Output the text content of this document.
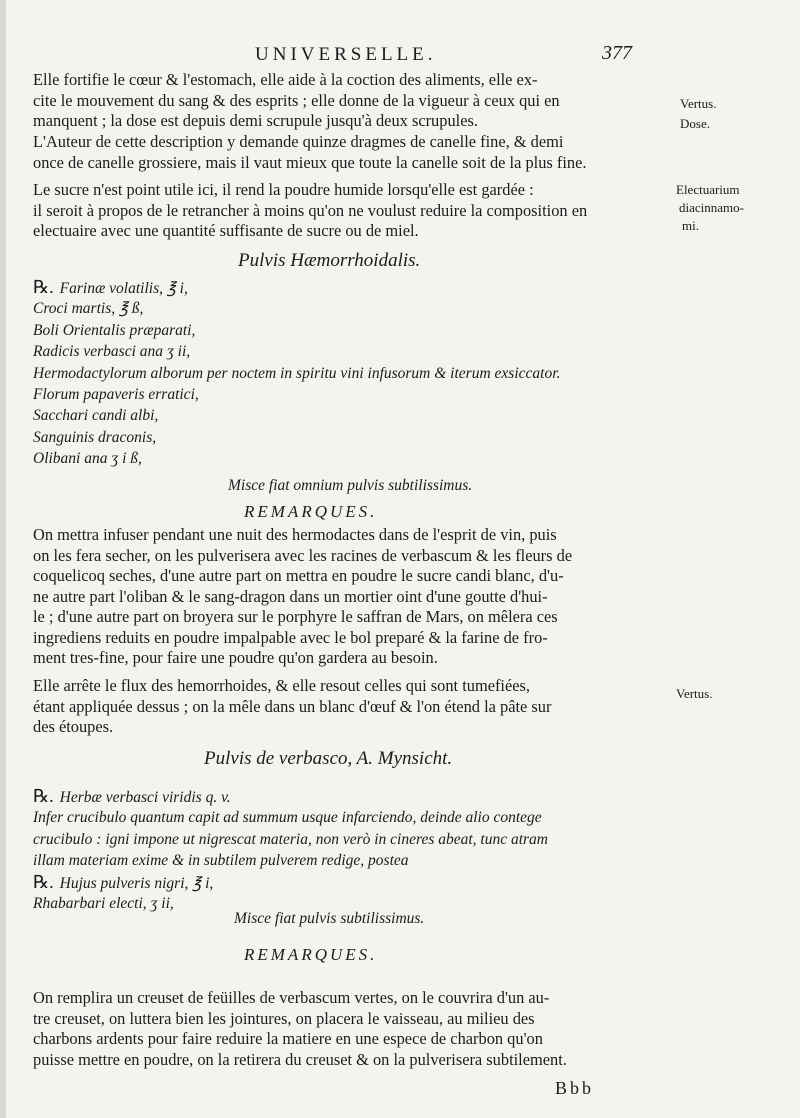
UNIVERSELLE.	377
Vertus.
Dose.
Electuarium
diacinnamo-
mi.
Vertus.
Elle fortifie le cœur & l'estomach, elle aide à la coction des aliments, elle ex-
cite le mouvement du sang & des esprits ; elle donne de la vigueur à ceux qui en
manquent ; la dose est depuis demi scrupule jusqu'à deux scrupules.
L'Auteur de cette description y demande quinze dragmes de canelle fine, & demi
once de canelle grossiere, mais il vaut mieux que toute la canelle soit de la plus fine.
Le sucre n'est point utile ici, il rend la poudre humide lorsqu'elle est gardée :
il seroit à propos de le retrancher à moins qu'on ne voulust reduire la composition en
electuaire avec une quantité suffisante de sucre ou de miel.
Pulvis Hæmorrhoidalis.
℞. Farinæ volatilis, ℥ i,
Croci martis, ℥ ß,
Boli Orientalis præparati,
Radicis verbasci ana ʒ ii,
Hermodactylorum alborum per noctem in spiritu vini infusorum & iterum exsiccator.
Florum papaveris erratici,
Sacchari candi albi,
Sanguinis draconis,
Olibani ana ʒ i ß,
Misce fiat omnium pulvis subtilissimus.
REMARQUES.
On mettra infuser pendant une nuit des hermodactes dans de l'esprit de vin, puis
on les fera secher, on les pulverisera avec les racines de verbascum & les fleurs de
coquelicoq seches, d'une autre part on mettra en poudre le sucre candi blanc, d'u-
ne autre part l'oliban & le sang-dragon dans un mortier oint d'une goutte d'hui-
le ; d'une autre part on broyera sur le porphyre le saffran de Mars, on mêlera ces
ingrediens reduits en poudre impalpable avec le bol preparé & la farine de fro-
ment tres-fine, pour faire une poudre qu'on gardera au besoin.
Elle arrête le flux des hemorrhoides, & elle resout celles qui sont tumefiées,
étant appliquée dessus ; on la mêle dans un blanc d'œuf & l'on étend la pâte sur
des étoupes.
Pulvis de verbasco, A. Mynsicht.
℞. Herbæ verbasci viridis q. v.
Infer crucibulo quantum capit ad summum usque infarciendo, deinde alio contege
crucibulo : igni impone ut nigrescat materia, non verò in cineres abeat, tunc atram
illam materiam exime & in subtilem pulverem redige, postea
℞. Hujus pulveris nigri, ℥ i,
Rhabarbari electi, ʒ ii,
Misce fiat pulvis subtilissimus.
REMARQUES.
On remplira un creuset de feüilles de verbascum vertes, on le couvrira d'un au-
tre creuset, on luttera bien les jointures, on placera le vaisseau, au milieu des
charbons ardents pour faire reduire la matiere en une espece de charbon qu'on
puisse mettre en poudre, on la retirera du creuset & on la pulverisera subtilement.
Bbb
